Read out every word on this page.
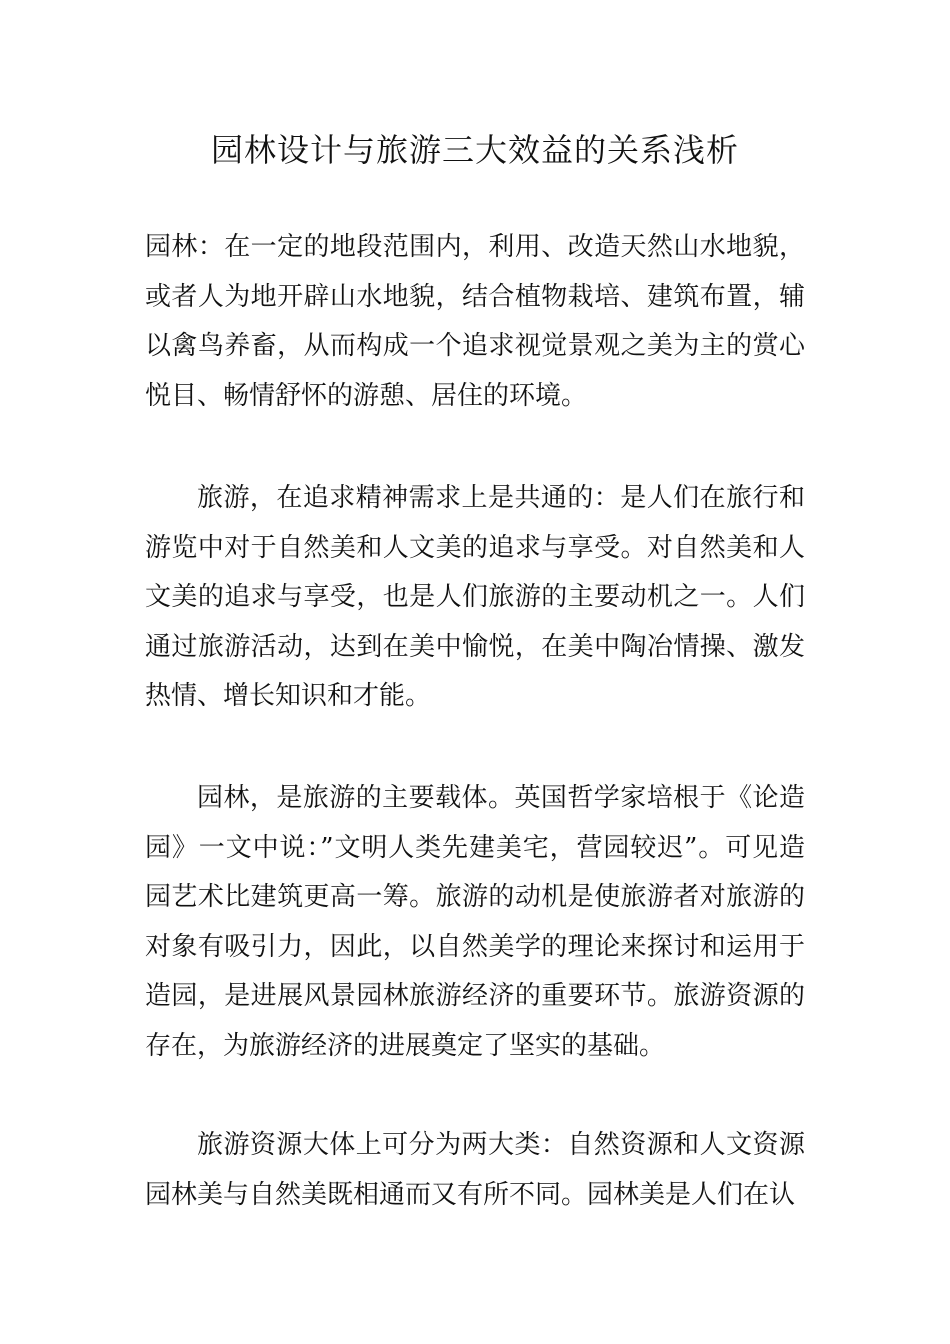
园林设计与旅游三大效益的关系浅析

园林：在一定的地段范围内，利用、改造天然山水地貌，或者人为地开辟山水地貌，结合植物栽培、建筑布置，辅以禽鸟养畜，从而构成一个追求视觉景观之美为主的赏心悦目、畅情舒怀的游憩、居住的环境。

旅游，在追求精神需求上是共通的：是人们在旅行和游览中对于自然美和人文美的追求与享受。对自然美和人文美的追求与享受，也是人们旅游的主要动机之一。人们通过旅游活动，达到在美中愉悦，在美中陶冶情操、激发热情、增长知识和才能。

园林，是旅游的主要载体。英国哲学家培根于《论造园》一文中说：”文明人类先建美宅，营园较迟”。可见造园艺术比建筑更高一筹。旅游的动机是使旅游者对旅游的对象有吸引力，因此，以自然美学的理论来探讨和运用于造园，是进展风景园林旅游经济的重要环节。旅游资源的存在，为旅游经济的进展奠定了坚实的基础。

旅游资源大体上可分为两大类：自然资源和人文资源园林美与自然美既相通而又有所不同。园林美是人们在认
